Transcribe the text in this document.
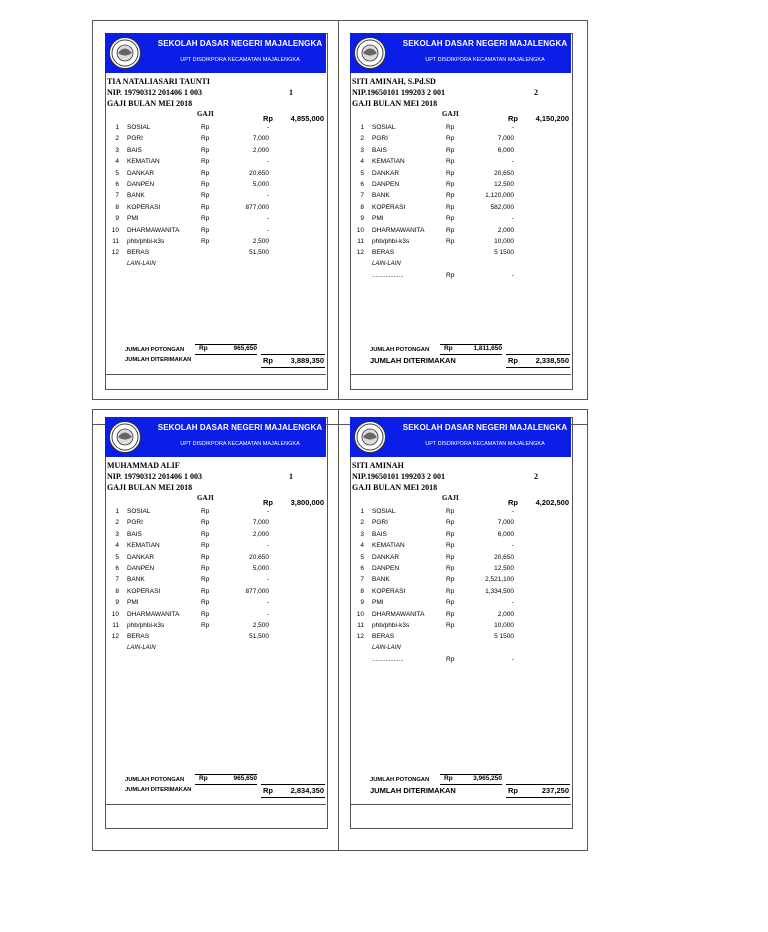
SEKOLAH DASAR NEGERI MAJALENGKA
UPT DISDIKPORA KECAMATAN MAJALENGKA
TIA NATALIASARI TAUNTI
NIP. 19790312 201406 1 003	1
GAJI BULAN MEI 2018
GAJI	Rp	4,855,000
1 SOSIAL	Rp	-
2 PGRI	Rp	7,000
3 BAIS	Rp	2,000
4 KEMATIAN	Rp	-
5 DANKAR	Rp	20,650
6 DANPEN	Rp	5,000
7 BANK	Rp	-
8 KOPERASI	Rp	877,000
9 PMI	Rp	-
10 DHARMAWANITA	Rp	-
11 phb/phbi-k3s	Rp	2,500
12 BERAS	51,500
LAIN-LAIN
JUMLAH POTONGAN Rp	965,650
JUMLAH DITERIMAKAN	Rp	3,889,350
SEKOLAH DASAR NEGERI MAJALENGKA
UPT DISDIKPORA KECAMATAN MAJALENGKA
SITI AMINAH, S.Pd.SD
NIP.19650101 199203 2 001	2
GAJI BULAN MEI 2018
GAJI	Rp	4,150,200
1 SOSIAL	Rp	-
2 PGRI	Rp	7,000
3 BAIS	Rp	6,000
4 KEMATIAN	Rp	-
5 DANKAR	Rp	20,650
6 DANPEN	Rp	12,500
7 BANK	Rp	1,120,000
8 KOPERASI	Rp	582,000
9 PMI	Rp	-
10 DHARMAWANITA	Rp	2,000
11 phb/phbi-k3s	Rp	10,000
12 BERAS	5 1500
LAIN-LAIN
...................	Rp	-
JUMLAH POTONGAN Rp	1,811,650
JUMLAH DITERIMAKAN	Rp	2,338,550
SEKOLAH DASAR NEGERI MAJALENGKA
UPT DISDIKPORA KECAMATAN MAJALENGKA
MUHAMMAD ALIF
NIP. 19790312 201406 1 003	1
GAJI BULAN MEI 2018
GAJI	Rp	3,800,000
1 SOSIAL	Rp	-
2 PGRI	Rp	7,000
3 BAIS	Rp	2,000
4 KEMATIAN	Rp	-
5 DANKAR	Rp	20,650
6 DANPEN	Rp	5,000
7 BANK	Rp	-
8 KOPERASI	Rp	877,000
9 PMI	Rp	-
10 DHARMAWANITA	Rp	-
11 phb/phbi-k3s	Rp	2,500
12 BERAS	51,500
LAIN-LAIN
JUMLAH POTONGAN Rp	965,650
JUMLAH DITERIMAKAN	Rp	2,834,350
SEKOLAH DASAR NEGERI MAJALENGKA
UPT DISDIKPORA KECAMATAN MAJALENGKA
SITI AMINAH
NIP.19650101 199203 2 001	2
GAJI BULAN MEI 2018
GAJI	Rp	4,202,500
1 SOSIAL	Rp	-
2 PGRI	Rp	7,000
3 BAIS	Rp	6,000
4 KEMATIAN	Rp	-
5 DANKAR	Rp	20,650
6 DANPEN	Rp	12,500
7 BANK	Rp	2,521,100
8 KOPERASI	Rp	1,334,500
9 PMI	Rp	-
10 DHARMAWANITA	Rp	2,000
11 phb/phbi-k3s	Rp	10,000
12 BERAS	5 1500
LAIN-LAIN
...................	Rp	-
JUMLAH POTONGAN Rp	3,965,250
JUMLAH DITERIMAKAN	Rp	237,250
